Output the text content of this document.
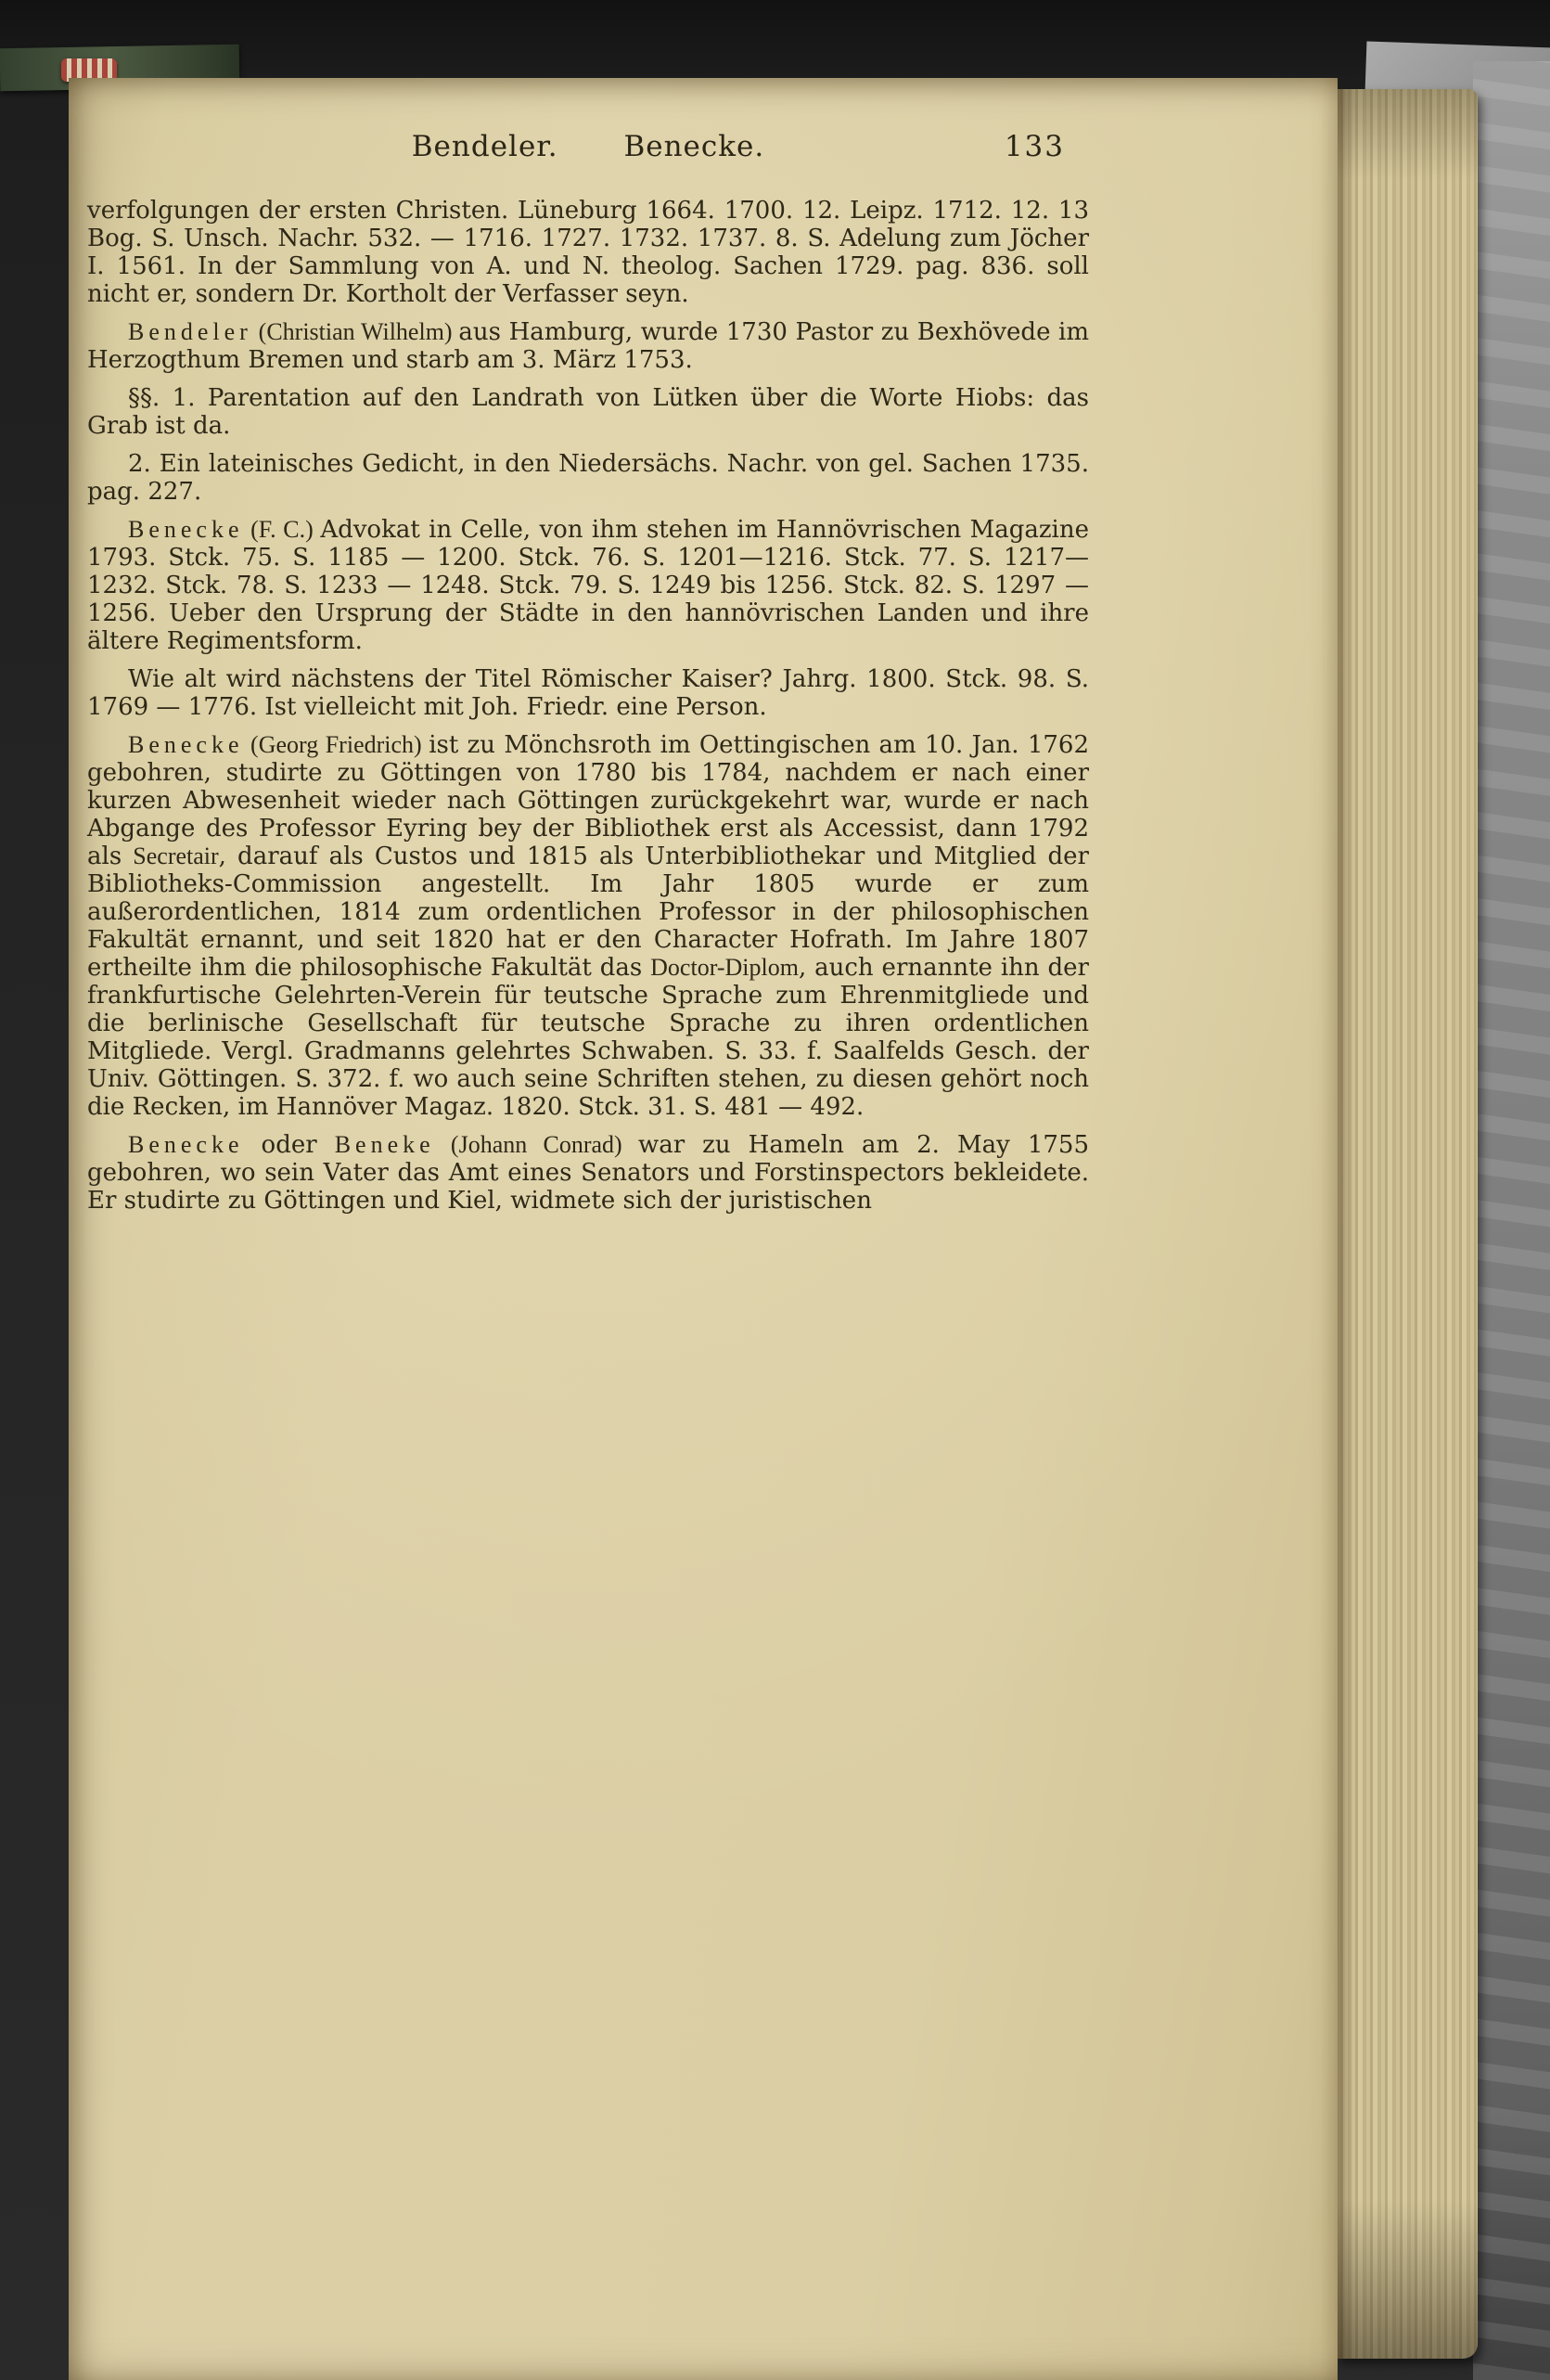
Bendeler. Benecke.	133

verfolgungen der ersten Christen. Lüneburg 1664. 1700. 12. Leipz. 1712. 12. 13 Bog. S. Unsch. Nachr. 532. — 1716. 1727. 1732. 1737. 8. S. Adelung zum Jöcher I. 1561. In der Sammlung von A. und N. theolog. Sachen 1729. pag. 836. soll nicht er, sondern Dr. Kortholt der Verfasser seyn.

Bendeler (Christian Wilhelm) aus Hamburg, wurde 1730 Pastor zu Bexhövede im Herzogthum Bremen und starb am 3. März 1753.

§§. 1. Parentation auf den Landrath von Lütken über die Worte Hiobs: das Grab ist da.

2. Ein lateinisches Gedicht, in den Niedersächs. Nachr. von gel. Sachen 1735. pag. 227.

Benecke (F. C.) Advokat in Celle, von ihm stehen im Hannövrischen Magazine 1793. Stck. 75. S. 1185 — 1200. Stck. 76. S. 1201—1216. Stck. 77. S. 1217—1232. Stck. 78. S. 1233 — 1248. Stck. 79. S. 1249 bis 1256. Stck. 82. S. 1297 — 1256. Ueber den Ursprung der Städte in den hannövrischen Landen und ihre ältere Regimentsform.

Wie alt wird nächstens der Titel Römischer Kaiser? Jahrg. 1800. Stck. 98. S. 1769 — 1776. Ist vielleicht mit Joh. Friedr. eine Person.

Benecke (Georg Friedrich) ist zu Mönchsroth im Oettingischen am 10. Jan. 1762 gebohren, studirte zu Göttingen von 1780 bis 1784, nachdem er nach einer kurzen Abwesenheit wieder nach Göttingen zurückgekehrt war, wurde er nach Abgange des Professor Eyring bey der Bibliothek erst als Accessist, dann 1792 als Secretair, darauf als Custos und 1815 als Unterbibliothekar und Mitglied der Bibliotheks-Commission angestellt. Im Jahr 1805 wurde er zum außerordentlichen, 1814 zum ordentlichen Professor in der philosophischen Fakultät ernannt, und seit 1820 hat er den Character Hofrath. Im Jahre 1807 ertheilte ihm die philosophische Fakultät das Doctor-Diplom, auch ernannte ihn der frankfurtische Gelehrten-Verein für teutsche Sprache zum Ehrenmitgliede und die berlinische Gesellschaft für teutsche Sprache zu ihren ordentlichen Mitgliede. Vergl. Gradmanns gelehrtes Schwaben. S. 33. f. Saalfelds Gesch. der Univ. Göttingen. S. 372. f. wo auch seine Schriften stehen, zu diesen gehört noch die Recken, im Hannöver Magaz. 1820. Stck. 31. S. 481 — 492.

Benecke oder Beneke (Johann Conrad) war zu Hameln am 2. May 1755 gebohren, wo sein Vater das Amt eines Senators und Forstinspectors bekleidete. Er studirte zu Göttingen und Kiel, widmete sich der juristischen
